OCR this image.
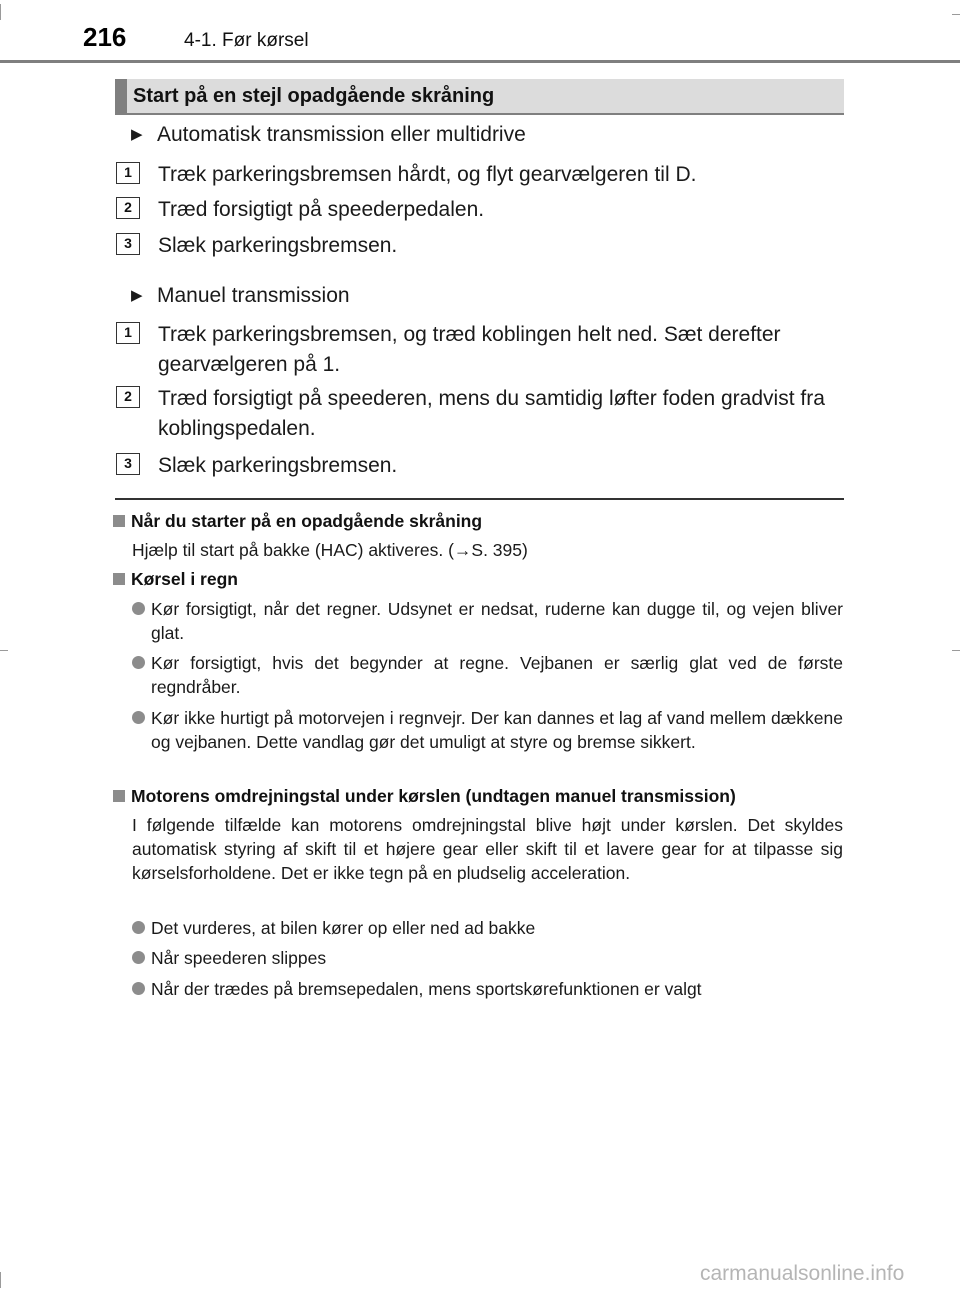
216	4-1. Før kørsel
Start på en stejl opadgående skråning
▶ Automatisk transmission eller multidrive
1	Træk parkeringsbremsen hårdt, og flyt gearvælgeren til D.
2	Træd forsigtigt på speederpedalen.
3	Slæk parkeringsbremsen.
▶ Manuel transmission
1	Træk parkeringsbremsen, og træd koblingen helt ned. Sæt derefter gearvælgeren på 1.
2	Træd forsigtigt på speederen, mens du samtidig løfter foden gradvist fra koblingspedalen.
3	Slæk parkeringsbremsen.
Når du starter på en opadgående skråning
Hjælp til start på bakke (HAC) aktiveres. (→S. 395)
Kørsel i regn
Kør forsigtigt, når det regner. Udsynet er nedsat, ruderne kan dugge til, og vejen bliver glat.
Kør forsigtigt, hvis det begynder at regne. Vejbanen er særlig glat ved de første regndråber.
Kør ikke hurtigt på motorvejen i regnvejr. Der kan dannes et lag af vand mellem dækkene og vejbanen. Dette vandlag gør det umuligt at styre og bremse sikkert.
Motorens omdrejningstal under kørslen (undtagen manuel transmission)
I følgende tilfælde kan motorens omdrejningstal blive højt under kørslen. Det skyldes automatisk styring af skift til et højere gear eller skift til et lavere gear for at tilpasse sig kørselsforholdene. Det er ikke tegn på en pludselig acceleration.
Det vurderes, at bilen kører op eller ned ad bakke
Når speederen slippes
Når der trædes på bremsepedalen, mens sportskørefunktionen er valgt
carmanualsonline.info
